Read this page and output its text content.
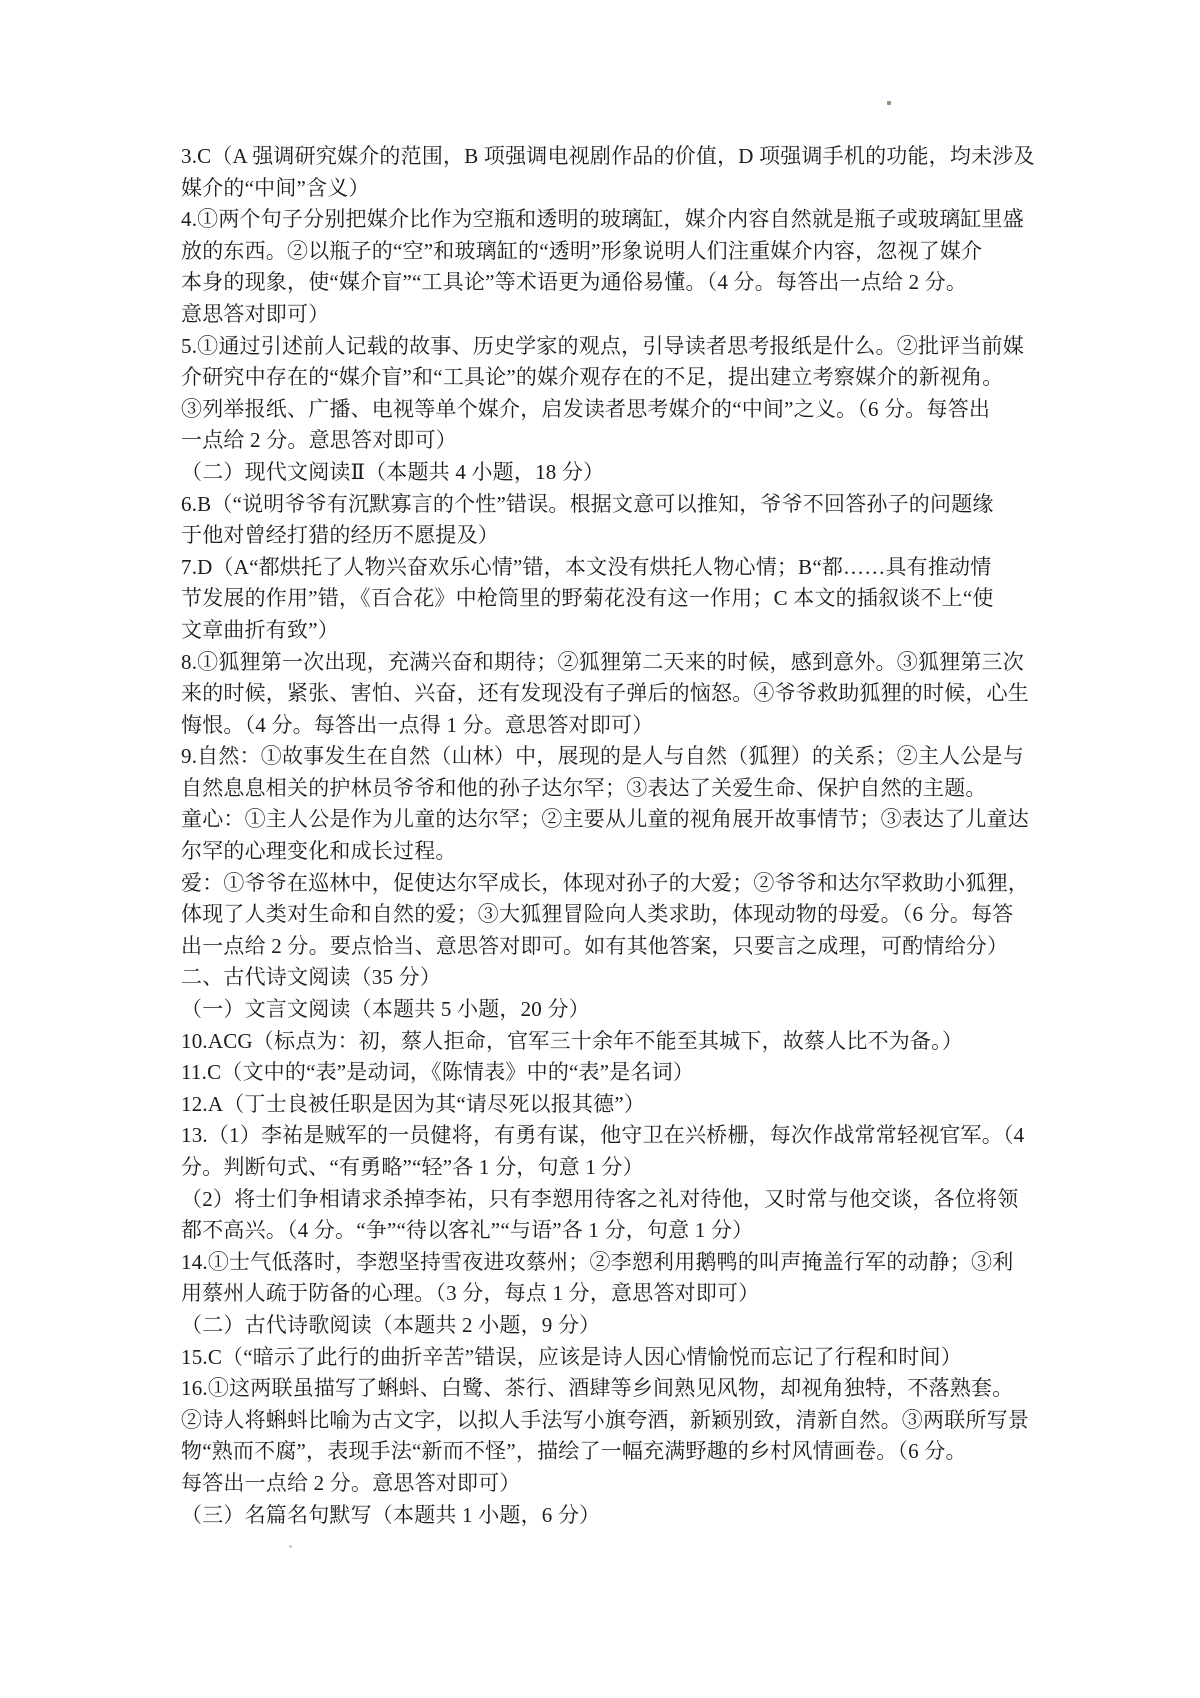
3.C（A 强调研究媒介的范围，B 项强调电视剧作品的价值，D 项强调手机的功能，均未涉及
媒介的“中间”含义）
4.①两个句子分别把媒介比作为空瓶和透明的玻璃缸，媒介内容自然就是瓶子或玻璃缸里盛
放的东西。②以瓶子的“空”和玻璃缸的“透明”形象说明人们注重媒介内容，忽视了媒介
本身的现象，使“媒介盲”“工具论”等术语更为通俗易懂。（4 分。每答出一点给 2 分。
意思答对即可）
5.①通过引述前人记载的故事、历史学家的观点，引导读者思考报纸是什么。②批评当前媒
介研究中存在的“媒介盲”和“工具论”的媒介观存在的不足，提出建立考察媒介的新视角。
③列举报纸、广播、电视等单个媒介，启发读者思考媒介的“中间”之义。（6 分。每答出
一点给 2 分。意思答对即可）
（二）现代文阅读Ⅱ（本题共 4 小题，18 分）
6.B（“说明爷爷有沉默寡言的个性”错误。根据文意可以推知，爷爷不回答孙子的问题缘
于他对曾经打猎的经历不愿提及）
7.D（A“都烘托了人物兴奋欢乐心情”错，本文没有烘托人物心情；B“都……具有推动情
节发展的作用”错，《百合花》中枪筒里的野菊花没有这一作用；C 本文的插叙谈不上“使
文章曲折有致”）
8.①狐狸第一次出现，充满兴奋和期待；②狐狸第二天来的时候，感到意外。③狐狸第三次
来的时候，紧张、害怕、兴奋，还有发现没有子弹后的恼怒。④爷爷救助狐狸的时候，心生
悔恨。（4 分。每答出一点得 1 分。意思答对即可）
9.自然：①故事发生在自然（山林）中，展现的是人与自然（狐狸）的关系；②主人公是与
自然息息相关的护林员爷爷和他的孙子达尔罕；③表达了关爱生命、保护自然的主题。
童心：①主人公是作为儿童的达尔罕；②主要从儿童的视角展开故事情节；③表达了儿童达
尔罕的心理变化和成长过程。
爱：①爷爷在巡林中，促使达尔罕成长，体现对孙子的大爱；②爷爷和达尔罕救助小狐狸，
体现了人类对生命和自然的爱；③大狐狸冒险向人类求助，体现动物的母爱。（6 分。每答
出一点给 2 分。要点恰当、意思答对即可。如有其他答案，只要言之成理，可酌情给分）
二、古代诗文阅读（35 分）
（一）文言文阅读（本题共 5 小题，20 分）
10.ACG（标点为：初，蔡人拒命，官军三十余年不能至其城下，故蔡人比不为备。）
11.C（文中的“表”是动词，《陈情表》中的“表”是名词）
12.A（丁士良被任职是因为其“请尽死以报其德”）
13.（1）李祐是贼军的一员健将，有勇有谋，他守卫在兴桥栅，每次作战常常轻视官军。（4
分。判断句式、“有勇略”“轻”各 1 分，句意 1 分）
（2）将士们争相请求杀掉李祐，只有李愬用待客之礼对待他，又时常与他交谈，各位将领
都不高兴。（4 分。“争”“待以客礼”“与语”各 1 分，句意 1 分）
14.①士气低落时，李愬坚持雪夜进攻蔡州；②李愬利用鹅鸭的叫声掩盖行军的动静；③利
用蔡州人疏于防备的心理。（3 分，每点 1 分，意思答对即可）
（二）古代诗歌阅读（本题共 2 小题，9 分）
15.C（“暗示了此行的曲折辛苦”错误，应该是诗人因心情愉悦而忘记了行程和时间）
16.①这两联虽描写了蝌蚪、白鹭、茶行、酒肆等乡间熟见风物，却视角独特，不落熟套。
②诗人将蝌蚪比喻为古文字，以拟人手法写小旗夸酒，新颖别致，清新自然。③两联所写景
物“熟而不腐”，表现手法“新而不怪”，描绘了一幅充满野趣的乡村风情画卷。（6 分。
每答出一点给 2 分。意思答对即可）
（三）名篇名句默写（本题共 1 小题，6 分）
